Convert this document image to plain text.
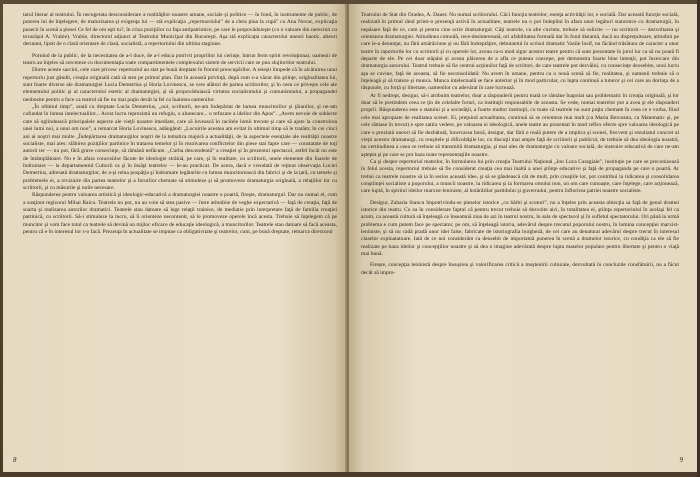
tarul literar al teatrului. În necugetata desconsiderare a realităţilor noastre arnane, sociale şi politice — în fond, în instrumente de public, de puterea lui de înţelegere, de maturizarea şi exigenţa lui — stă explicaţia „repertuoriului” de a clera piua la cupă” cu Ana Novac, explicaţia pusecii în scenă a piesei Ce fel de om eşti tu?, în criza poziţiilor cu faţa antipatriotice, pe care le propovăduieşte (cu o valoare din nerecinit cu tovarăşul A. Vrabie). Vrabie, directorul adjunct al Teatrului Municipal din Bucureşti. Aşa stă explicaţia caracterului uneori haotic, alteori derutant, lipsit de o clară orientare de clasă, socialistă, a repertoriului din ultima stagiune.

Pornind de la public, de la necesitatea de a-l duce, de a-l educa potrivit propriilor lui cerinţe, întrun ferm spirit revoluţionar, oamenii de teatru au înţeles să cerceteze cu documentaţia toate compartimentele complexului sistem de servicii care se pun slujitorilor teatrului.

Dintre aceste sarcini, cele care privesc repertoriul au stat pe bună dreptate în frontul preocupărilor. A reieşit limpede că în alcătuirea unui repertoriu just gândit, creaţia originală cată să stea pe primul plan. Dar în această privinţă, după cum s-a văzut din ştiinţe, originalitatea lui, sunt foarte diverse ale dramaturgiei Lucia Demetrius şi Horia Lovinescu, se cere alături de partea scriitorilor, şi în ceea ce priveşte cele ale elementului politic şi al caracterului estetic al dramaturgiei, şi să propovăduiască virtutea socialismului şi comunismului, a propagandei neobosite pentru a face ca teatrul să fie nu mai puţin decât la fel ca înaintea oamenilor.

„În ultimul timp”, arată cu dreptate Lucia Demetrius, „noi, scriitorii, ne-am îndepărtat de lumea muncitorilor şi ţăranilor, şi ne-am cufundat în lumea intelectualilor... Acest lucru reprezintă un refugiu, o alunecare... o refuzare a ideilor din Apus”. „Avem nevoie de subiecte care să oglindească principalele aspecte ale vieţii noastre imediate, care să lovească în racilele lumii trecute şi care să ajute la construirea unei lumi noi, a unui om nou”, a remarcat Horia Lovinescu, adăugând: „Locuirile acestea am evitat în ultimul timp să le tratăm; în cei cinci ani ai noştri mai multe „Îndepărtarea dramaturgilor noştri de la tematica majoră a actualităţii, de la aspectele esenţiale ale realităţii noastre socialiste, mai ales: slăbirea poziţiilor partinice în tratarea temelor şi în rezolvarea conflictelor din piese stai fapte care — constatate de toţi autorii ter — nu pot, fără grave consecinţe, să rămână nefăcute. „Curba descendentă” a creaţiei şi în prezentul spectacol, astfel încât nu este de întâmplătoare. Nu e în afara concesiilor făcute de ideologie străină, pe care, şi în realitate, cu scriitorii, unele elemente din foarele de îndrumare — la departamentul Culturii ca şi în însăşi teatrelor — le-au practicat. De acera, dacă e vreodată de reţinut observaţia Luciei Demetrius, adresată dramaturgilor, de a-şi relua pospăţia şi îndrumare legăturile cu lumea muncitorească din fabrici şi de la ţară, cu temele şi problemele ei, a revizuire din partea teatrelor şi a forurilor chemate să stimuleze şi să promoveze dramaturgia originală, a relaţiilor lor cu scriitorii, şi cu măsurile şi noile necesare.

Răspunderea pentru valoarea artistică şi ideologic-educativă a dramaturgiei noastre o poartă, fireşte, dramaturgul. Dar nu numai el, cum a susţinut regizorul Mihai Raicu. Teatrele nu pot, nu au voie să stea pasive — între atitudine de veghe expectativă — faţă de creaţia, faţă de soarta şi realizarea autorilor dramatici. Teatrele stau datoare să lege relaţii trainice, de mediatie prin interpretare faţă de familia creaţiei partinică, cu scriitorii. Să-i stimuleze la lucru, să îi orienteze necontenit, să le promoveze operele încă acesta. Trebuie să înţelegem că pe muncitor şi vom face totul ca teatrele să devină un mijloc eficace de educaţie ideologică, a muncitorilor. Teatrele stau datoare să facă aceasta, pentru că e în interesul lor s-o facă. Prezenţa în actualitate se impune ca obligativitate şi teatrelor, cum, pe bună dreptate, remarca directorul

8

Teatrului de Stat din Oradea, A. Dauer. Nu numai scriitorului. Căci funcţia teatrelor, esenţa activităţii lor, e socială. Dar această funcţie socială, realizată în primul rând printr-o prezenţă activă în actualitate, teatrele nu o pot îndeplini în afara unor legături statornice cu dramaturgii, în nepăsare faţă de ce, cum şi pentru cine scrie dramaturgul. Câţi teatrele, cu alte cuvinte, trebuie să solicite — nu scriitorii — dezvoltarea şi orientarea dramaturgiei. Atitudinea comodă, rece-desinteresată, ori afabilitatea formală dar în fond distantă, dacă nu dispreţuitoare, atitudini pe care le-a denunţat, nu fără amărăciune şi nu fără îndreptăţire, debutantul în scrisul dramatic Vasile Iosif, nu făcând trăsătura de caracter a unor teatre în raporturile lor cu scriitorii şi cu operele lor, aveau ca-n mod sigur acestor teatre pentru că sunt prezentate în jurul lor ca să nu poată fi departe de ele. Pe cei doar stăpâni şi aveau plăcerea de a afla ce puteau concepe, pot demonstra foarte bine intenţii, pot încercare din dramaturgia autorului. Teatrul trebuie să fie centrul acţiunilor faţă de scriitori, de care teatrele pot dezvălui, cu consecinţe deosebite, unui lucru aşa se cuvine, faţă de aceasta, să fie neconsolidată: Nu avem în umane, pentru ca o nouă scenă să fie, realitatea, şi oamenii trebuie să o înţeleagă şi să trateze şi munca. Munca intelectuală se face anterior şi în mod particular, cu lupta continuă a tuturor şi cei care au dorinţa de a răspunde, cu forţă şi libertate, oamenilor cu adevărat în care lucrează.

Ar fi nedrept, desigur, să-i atribuim teatrelor, doar a răspunderii pentru toată ce rămâne înapoiat sau problematic în creaţia originală, şi lor doar să le pretindem ceea ce ţin de celelalte foruri, ca instituţii responsabile de aceasta. Se vede, numai teatrelor pot a avea şi ele răspunderi proprii. Răspunderea este a statului şi a societăţii, a foarte multor instituţii, cu toate că teatrele nu sunt puţin chemate în ceea ce e vorba, fiind cele mai apropiate de realitatea scenei. Ei, preţuind actualitatea, continuă să se orienteze mai mult (ca Maria Berceanu, ca Matematic şi, pe cele rămase în trecut) e spre satira vedere, pe valoarea ei ideologică, unele teatre au prezentat în mod reflex efecte spre valoarea ideologică pe care o prezintă uneori să fie dezbătută, încercarea bună, desigur, dar fără o reală putere de a implica şi scenei, frecvent şi rezultatul concret al vieţii acestor dramaturgi, cu reuşitele şi dificultăţile lor, cu discuţii mai ample faţă de scriitorii şi publicul, de trebuie să dea ideologia noastră, nu certitudinea a ceea ce trebuie să transmită dramaturgia, şi mai ales de dramaturgie cu valoare socială, de instruire educativă de care ne-am aştepta şi pe care se pot baza toate reprezentaţiile noastre.

Ca şi despre repertoriul teatrelor, în formularea lui prin creaţia Teatrului Naţional „Ion Luca Caragiale”, instituţie pe care se preconizează în felul acesta, repertoriul trebuie să fie considerat creaţia cea mai înaltă a unei ştiinţe educative şi faţă de propaganda pe care o poartă. Ar trebui ca teatrele noastre să ia în serios această idee, şi să se gândească cât de mult, prin creaţiile lor, pot contribui la ridicarea şi consolidarea conştiinţei socialiste a poporului, a muncii noastre, la ridicarea şi la formarea omului nou, un om care cunoaşte, care înţelege, care acţionează, care luptă, în spiritul ideilor marxist-leniniste, al hotărârilor partidului şi guvernului, pentru înflorirea patriei noastre socialiste.

Desigur, Zaharia Stancu împotrivindu-se pieselor istorice „cu bărbi şi scuturi”, nu a înţeles prin aceasta obiecţia sa faţă de genul dramei istorice din teatru. Cu ea în considerare faptul că pentru trecut trebuie să dezvolte aici, în totalitatea ei, ştiinţa repertoriului în acelaşi fel ca acum, ca această cultură să înţeleagă ce înseamnă ziua de azi în teatrul nostru, în sala de spectacol şi în sufletul spectatorului. Ori până la urmă problema e cum putem face pe spectator, pe om, să înţeleagă istoria, adevărul despre trecutul poporului nostru, în lumina concepţiei marxist-leniniste, şi să nu cadă pradă unor idei false, fabricate de istoriografia burgheză, de cei care au denaturat adevărul despre trecut în interesul claselor exploatatoare. Iată de ce noi considerăm ca deosebit de importantă punerea în scenă a dramelor istorice, cu condiţia ca ele să fie realizate pe baza ideilor şi concepţiilor noastre şi să dea o imagine adevărată despre lupta maselor populare pentru libertate şi pentru o viaţă mai bună.

Fireşte, concepţia leninistă despre însuşirea şi valorificarea critică a moştenirii culturale, dezvoltată în concluzile consfătuirii, nu a făcut decât să impro-

9
